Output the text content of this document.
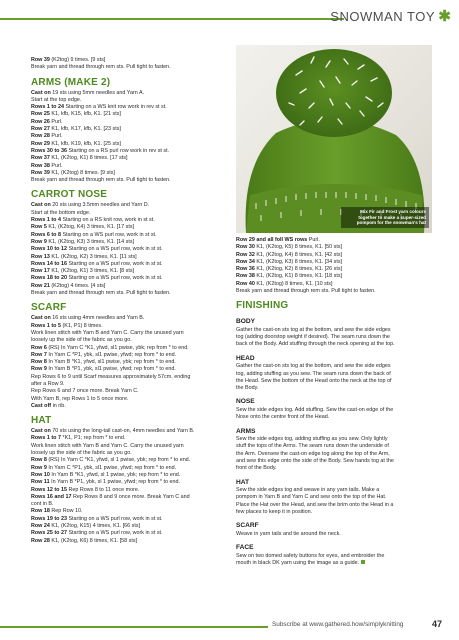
SNOWMAN TOY ✱
Row 39 (K2tog) 9 times. [9 sts]
Break yarn and thread through rem sts. Pull tight to fasten.
ARMS (MAKE 2)
Cast on 19 sts using 5mm needles and Yarn A.
Start at the top edge.
Rows 1 to 24 Starting on a WS knit row work in rev st st.
Row 25 K1, kfb, K15, kfb, K1. [21 sts]
Row 26 Purl.
Row 27 K1, kfb, K17, kfb, K1. [23 sts]
Row 28 Purl.
Row 29 K1, kfb, K19, kfb, K1. [25 sts]
Rows 30 to 36 Starting on a RS purl row work in rev st st.
Row 37 K1, (K2tog, K1) 8 times. [17 sts]
Row 38 Purl.
Row 39 K1, (K2tog) 8 times. [9 sts]
Break yarn and thread through rem sts. Pull tight to fasten.
CARROT NOSE
Cast on 20 sts using 3.5mm needles and Yarn D.
Start at the bottom edge.
Rows 1 to 4 Starting on a RS knit row, work in st st.
Row 5 K1, (K2tog, K4) 3 times, K1. [17 sts]
Rows 6 to 8 Starting on a WS purl row, work in st st.
Row 9 K1, (K2tog, K3) 3 times, K1. [14 sts]
Rows 10 to 12 Starting on a WS purl row, work in st st.
Row 13 K1, (K2tog, K2) 3 times, K1. [11 sts]
Rows 14 to 16 Starting on a WS purl row, work in st st.
Row 17 K1, (K2tog, K1) 3 times, K1. [8 sts]
Rows 18 to 20 Starting on a WS purl row, work in st st.
Row 21 (K2tog) 4 times. [4 sts]
Break yarn and thread through rem sts. Pull tight to fasten.
SCARF
Cast on 16 sts using 4mm needles and Yarn B.
Rows 1 to 5 (K1, P1) 8 times.
Work linen stitch with Yarn B and Yarn C. Carry the unused yarn
loosely up the side of the fabric as you go.
Row 6 (RS) In Yarn C *K1, yfwd, sl1 pwise, ybk; rep from * to end.
Row 7 In Yarn C *P1, ybk, sl1 pwise, yfwd; rep from * to end.
Row 8 In Yarn B *K1, yfwd, sl1 pwise, ybk; rep from * to end.
Row 9 In Yarn B *P1, ybk, sl1 pwise, yfwd; rep from * to end.
Rep Rows 6 to 9 until Scarf measures approximately 57cm, ending
after a Row 9.
Rep Rows 6 and 7 once more. Break Yarn C.
With Yarn B, rep Rows 1 to 5 once more.
Cast off in rib.
HAT
Cast on 70 sts using the long-tail cast-on, 4mm needles and Yarn B.
Rows 1 to 7 *K1, P1; rep from * to end.
Work linen stitch with Yarn B and Yarn C. Carry the unused yarn
loosely up the side of the fabric as you go.
Row 8 (RS) In Yarn C *K1, yfwd, sl 1 pwise, ybk; rep from * to end.
Row 9 In Yarn C *P1, ybk, sl1 pwise, yfwd; rep from * to end.
Row 10 In Yarn B *K1, yfwd, sl 1 pwise, ybk; rep from * to end.
Row 11 In Yarn B *P1, ybk, sl 1 pwise, yfwd; rep from * to end.
Rows 12 to 15 Rep Rows 8 to 11 once more.
Rows 16 and 17 Rep Rows 8 and 9 once more. Break Yarn C and
cont in B.
Row 18 Rep Row 10.
Rows 19 to 23 Starting on a WS purl row, work in st st.
Row 24 K1, (K2tog, K15) 4 times, K1. [66 sts]
Rows 25 to 27 Starting on a WS purl row, work in st st.
Row 28 K1, (K2tog, K6) 8 times, K1. [58 sts]
Mix Fir and Frost yarn colours
together to make a super-sized
pompom for the snowman's hat
Row 29 and all foll WS rows Purl.
Row 30 K1, (K2tog, K5) 8 times, K1. [50 sts]
Row 32 K1, (K2tog, K4) 8 times, K1. [42 sts]
Row 34 K1, (K2tog, K3) 8 times, K1. [34 sts]
Row 36 K1, (K2tog, K2) 8 times, K1. [26 sts]
Row 38 K1, (K2tog, K1) 8 times, K1. [18 sts]
Row 40 K1, (K2tog) 8 times, K1. [10 sts]
Break yarn and thread through rem sts. Pull tight to fasten.
FINISHING
BODY
Gather the cast-on sts tog at the bottom, and sew the side edges
tog (adding doorstop weight if desired). The seam runs down the
back of the Body. Add stuffing through the neck opening at the top.
HEAD
Gather the cast-on sts tog at the bottom, and sew the side edges
tog, adding stuffing as you sew. The seam runs down the back of
the Head. Sew the bottom of the Head onto the neck at the top of
the Body.
NOSE
Sew the side edges tog. Add stuffing. Sew the cast-on edge of the
Nose onto the centre front of the Head.
ARMS
Sew the side edges tog, adding stuffing as you sew. Only lightly
stuff the tops of the Arms. The seam runs down the underside of
the Arm. Oversew the cast-on edge tog along the top of the Arm,
and sew this edge onto the side of the Body. Sew hands tog at the
front of the Body.
HAT
Sew the side edges tog and weave in any yarn tails. Make a
pompom in Yarn B and Yarn C and sew onto the top of the Hat.
Place the Hat over the Head, and sew the brim onto the Head in a
few places to keep it in position.
SCARF
Weave in yarn tails and tie around the neck.
FACE
Sew on two domed safety buttons for eyes, and embroider the
mouth in black DK yarn using the image as a guide.
Subscribe at www.gathered.how/simplyknitting	47
